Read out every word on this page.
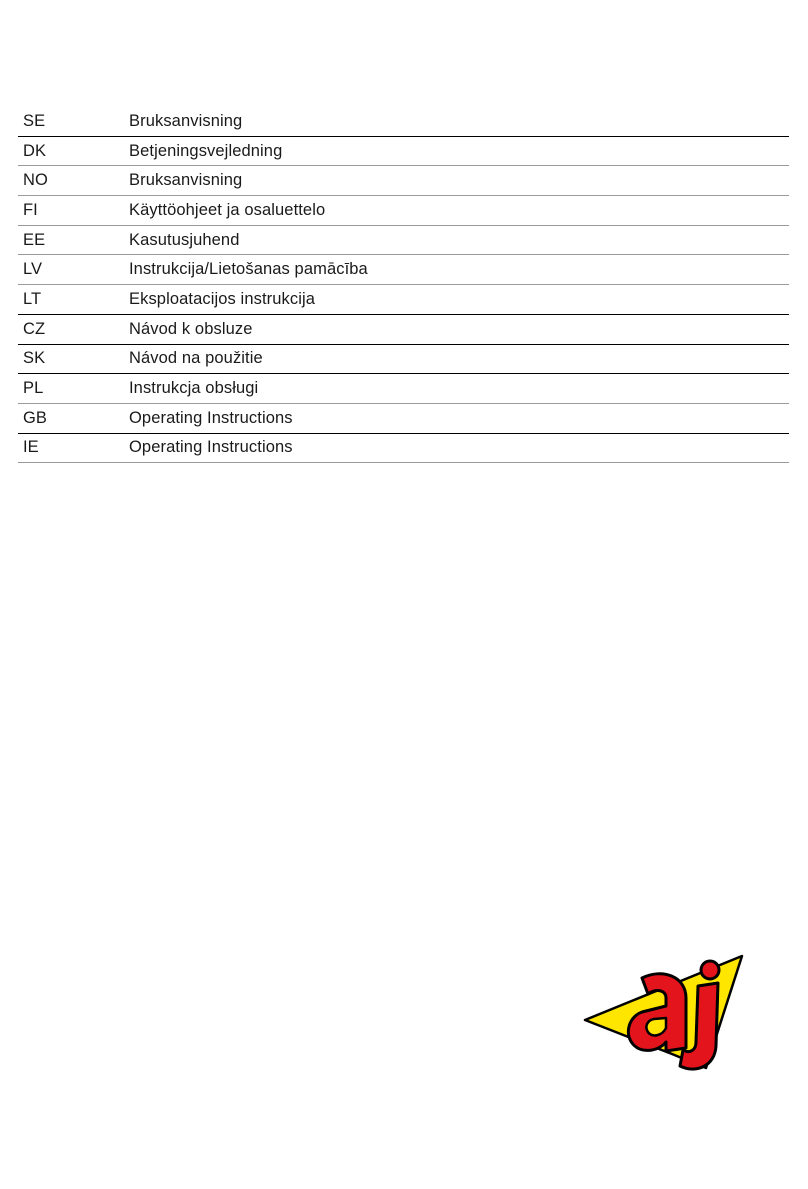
SE	Bruksanvisning
DK	Betjeningsvejledning
NO	Bruksanvisning
FI	Käyttöohjeet ja osaluettelo
EE	Kasutusjuhend
LV	Instrukcija/Lietošanas pamācība
LT	Eksploatacijos instrukcija
CZ	Návod k obsluze
SK	Návod na použitie
PL	Instrukcja obsługi
GB	Operating Instructions
IE	Operating Instructions
